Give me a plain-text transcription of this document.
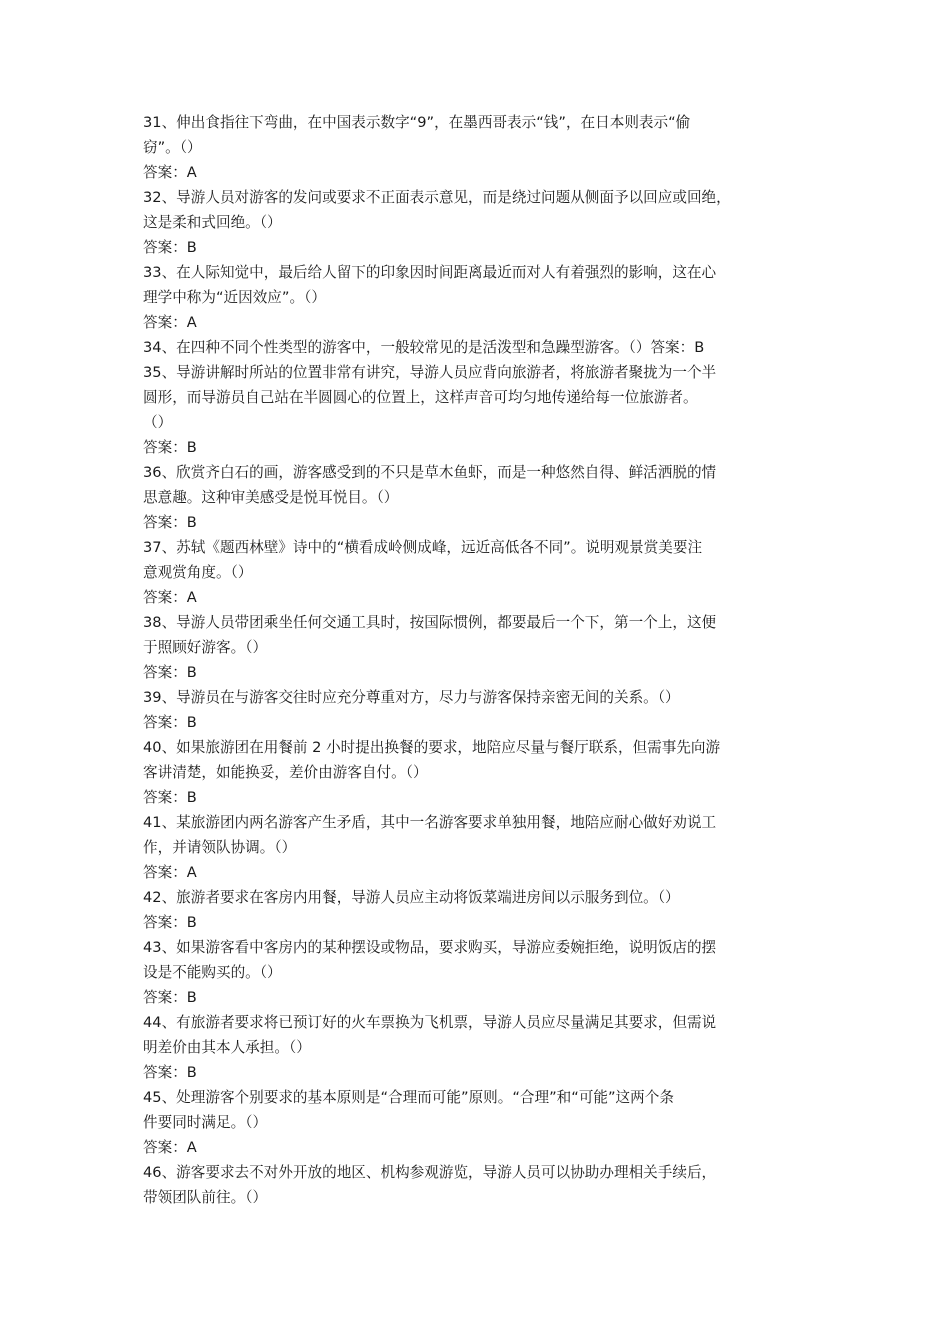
31、伸出食指往下弯曲，在中国表示数字“9”，在墨西哥表示“钱”，在日本则表示“偷
窃”。（）
答案：A
32、导游人员对游客的发问或要求不正面表示意见，而是绕过问题从侧面予以回应或回绝，
这是柔和式回绝。（）
答案：B
33、在人际知觉中，最后给人留下的印象因时间距离最近而对人有着强烈的影响，这在心
理学中称为“近因效应”。（）
答案：A
34、在四种不同个性类型的游客中，一般较常见的是活泼型和急躁型游客。（）答案：B
35、导游讲解时所站的位置非常有讲究，导游人员应背向旅游者，将旅游者聚拢为一个半
圆形，而导游员自己站在半圆圆心的位置上，这样声音可均匀地传递给每一位旅游者。
（）
答案：B
36、欣赏齐白石的画，游客感受到的不只是草木鱼虾，而是一种悠然自得、鲜活洒脱的情
思意趣。这种审美感受是悦耳悦目。（）
答案：B
37、苏轼《题西林壁》诗中的“横看成岭侧成峰，远近高低各不同”。说明观景赏美要注
意观赏角度。（）
答案：A
38、导游人员带团乘坐任何交通工具时，按国际惯例，都要最后一个下，第一个上，这便
于照顾好游客。（）
答案：B
39、导游员在与游客交往时应充分尊重对方，尽力与游客保持亲密无间的关系。（）
答案：B
40、如果旅游团在用餐前 2 小时提出换餐的要求，地陪应尽量与餐厅联系，但需事先向游
客讲清楚，如能换妥，差价由游客自付。（）
答案：B
41、某旅游团内两名游客产生矛盾，其中一名游客要求单独用餐，地陪应耐心做好劝说工
作，并请领队协调。（）
答案：A
42、旅游者要求在客房内用餐，导游人员应主动将饭菜端进房间以示服务到位。（）
答案：B
43、如果游客看中客房内的某种摆设或物品，要求购买，导游应委婉拒绝，说明饭店的摆
设是不能购买的。（）
答案：B
44、有旅游者要求将已预订好的火车票换为飞机票，导游人员应尽量满足其要求，但需说
明差价由其本人承担。（）
答案：B
45、处理游客个别要求的基本原则是“合理而可能”原则。“合理”和“可能”这两个条
件要同时满足。（）
答案：A
46、游客要求去不对外开放的地区、机构参观游览，导游人员可以协助办理相关手续后，
带领团队前往。（）
